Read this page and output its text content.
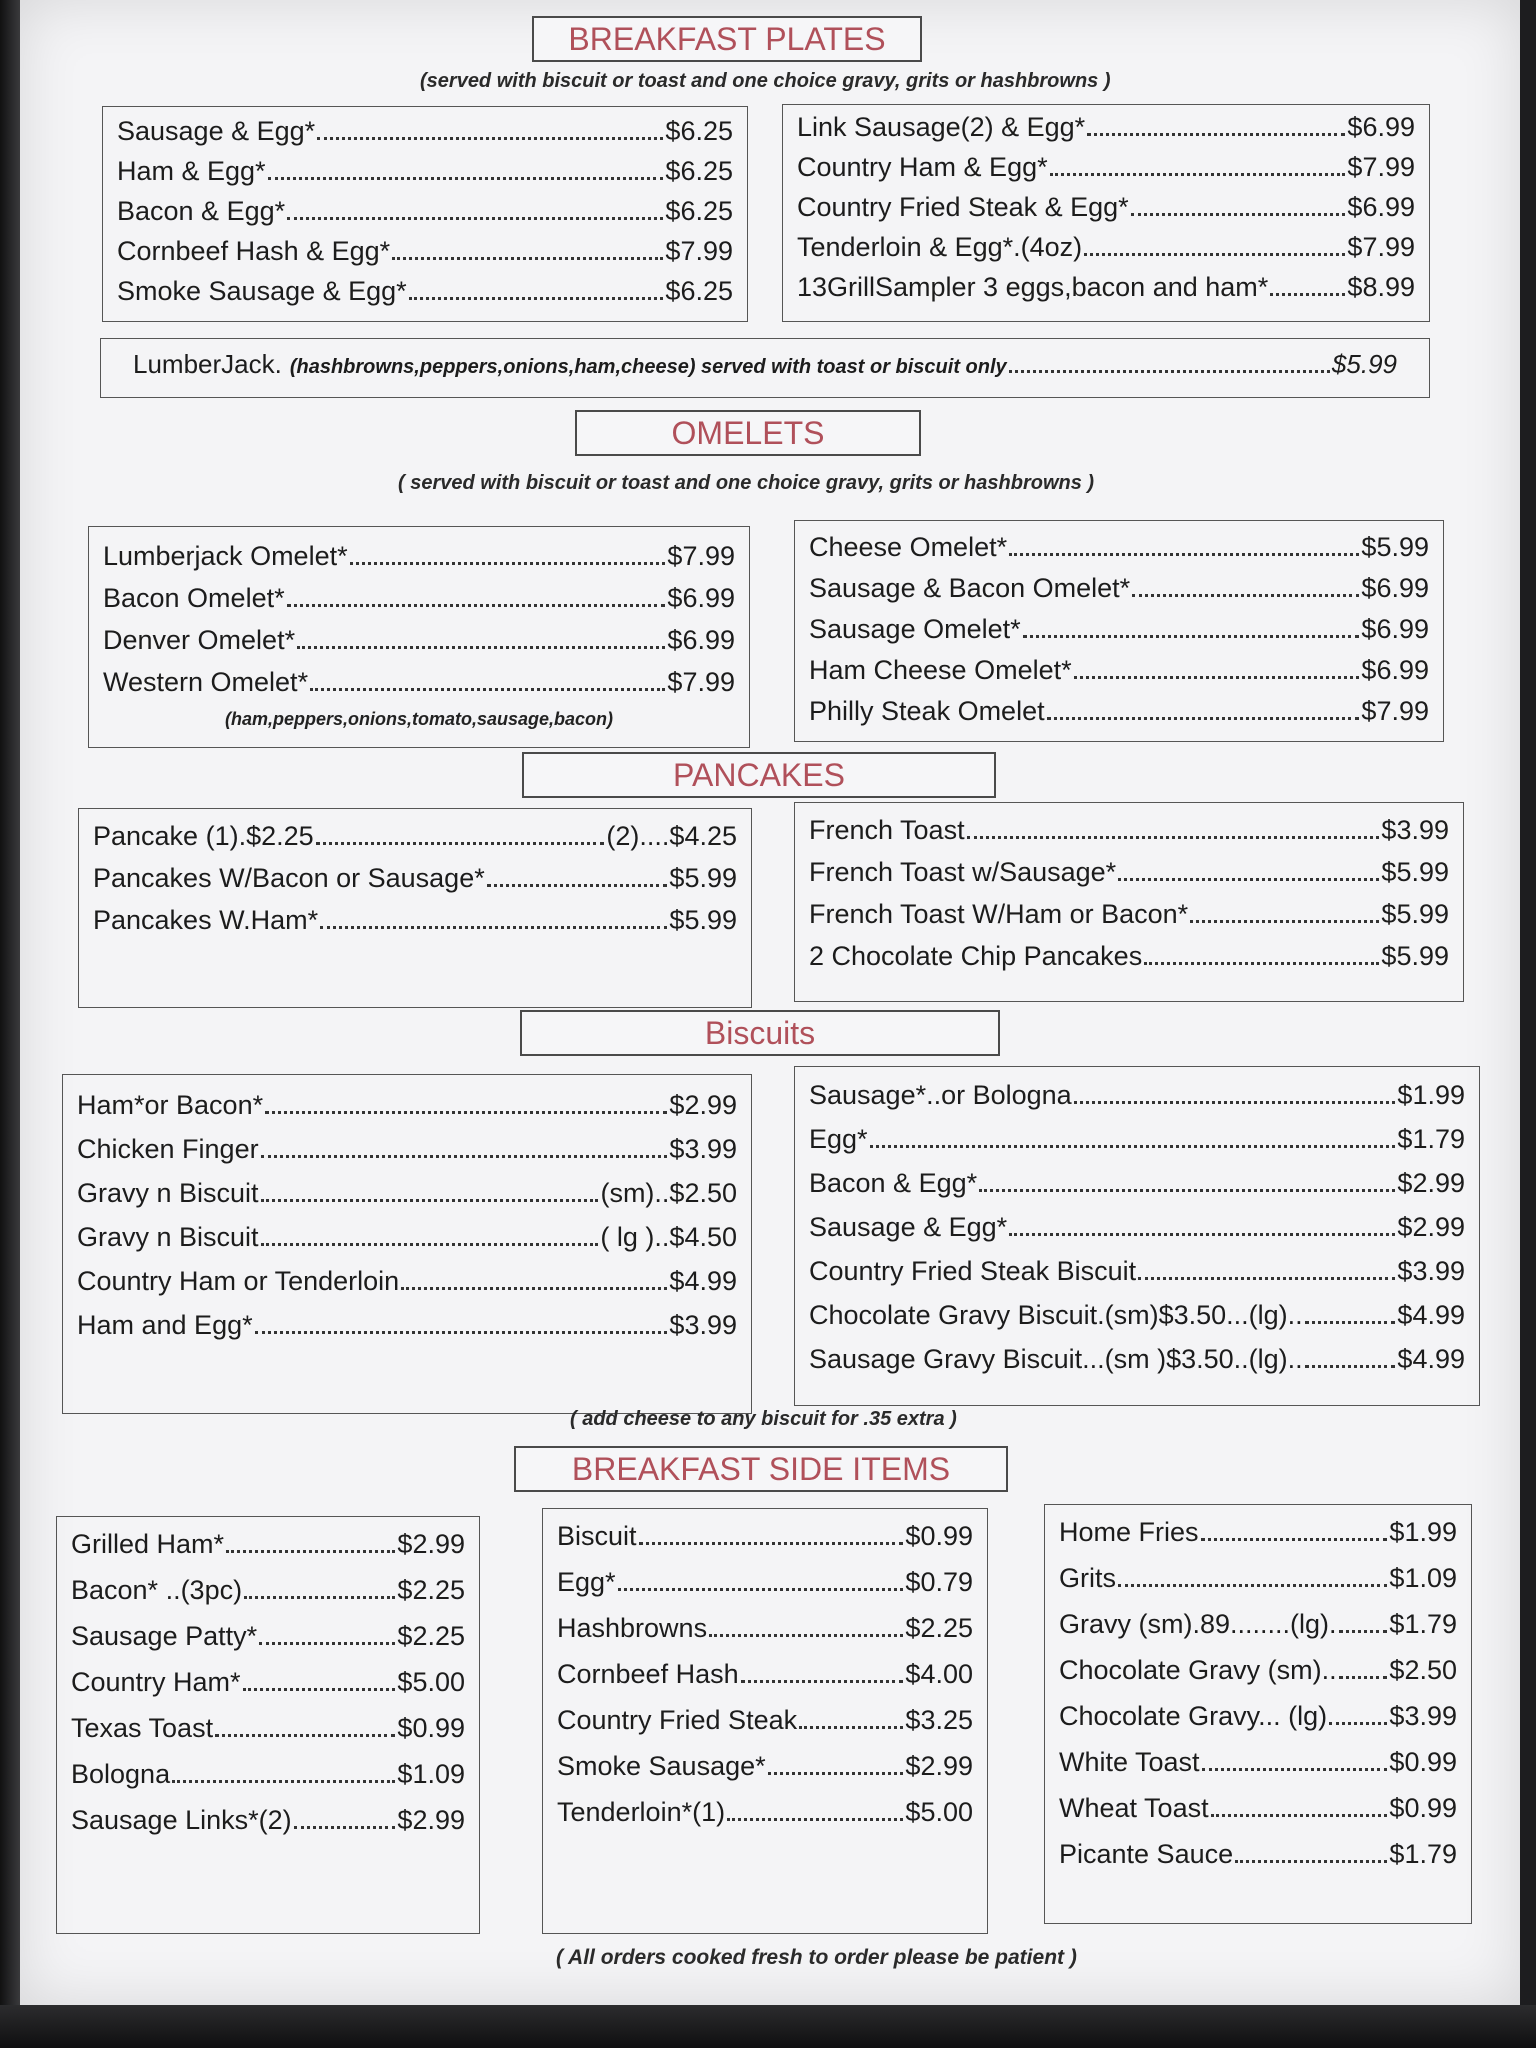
BREAKFAST PLATES
(served with biscuit or toast and one choice gravy, grits or hashbrowns )
Sausage & Egg*	$6.25
Ham & Egg*	$6.25
Bacon & Egg*	$6.25
Cornbeef Hash & Egg*	$7.99
Smoke Sausage & Egg*	$6.25
Link Sausage(2) & Egg*	$6.99
Country Ham & Egg*	$7.99
Country Fried Steak & Egg*	$6.99
Tenderloin & Egg*.(4oz)	$7.99
13GrillSampler 3 eggs,bacon and ham*	$8.99
LumberJack. (hashbrowns,peppers,onions,ham,cheese) served with toast or biscuit only	$5.99
OMELETS
( served with biscuit or toast and one choice gravy, grits or hashbrowns )
Lumberjack Omelet*	$7.99
Bacon Omelet*	$6.99
Denver Omelet*	$6.99
Western Omelet*	$7.99
(ham,peppers,onions,tomato,sausage,bacon)
Cheese Omelet*	$5.99
Sausage & Bacon Omelet*	$6.99
Sausage Omelet*	$6.99
Ham Cheese Omelet*	$6.99
Philly Steak Omelet	$7.99
PANCAKES
Pancake (1).$2.25	(2)....$4.25
Pancakes W/Bacon or Sausage*	$5.99
Pancakes W.Ham*	$5.99
French Toast	$3.99
French Toast w/Sausage*	$5.99
French Toast W/Ham or Bacon*	$5.99
2 Chocolate Chip Pancakes	$5.99
Biscuits
Ham*or Bacon*	$2.99
Chicken Finger	$3.99
Gravy n Biscuit	(sm)..$2.50
Gravy n Biscuit	( lg )..$4.50
Country Ham or Tenderloin	$4.99
Ham and Egg*	$3.99
Sausage*..or Bologna	$1.99
Egg*	$1.79
Bacon & Egg*	$2.99
Sausage & Egg*	$2.99
Country Fried Steak Biscuit	$3.99
Chocolate Gravy Biscuit.(sm)$3.50...(lg)..	$4.99
Sausage Gravy Biscuit...(sm )$3.50..(lg)..	$4.99
( add cheese to any biscuit for .35 extra )
BREAKFAST SIDE ITEMS
Grilled Ham*	$2.99
Bacon* ..(3pc)	$2.25
Sausage Patty*	$2.25
Country Ham*	$5.00
Texas Toast	$0.99
Bologna	$1.09
Sausage Links*(2)	$2.99
Biscuit	$0.99
Egg*	$0.79
Hashbrowns	$2.25
Cornbeef Hash	$4.00
Country Fried Steak	$3.25
Smoke Sausage*	$2.99
Tenderloin*(1)	$5.00
Home Fries	$1.99
Grits	$1.09
Gravy (sm).89........(lg). $1.79
Chocolate Gravy (sm).. $2.50
Chocolate Gravy... (lg) $3.99
White Toast	$0.99
Wheat Toast	$0.99
Picante Sauce	$1.79
( All orders cooked fresh to order please be patient )
